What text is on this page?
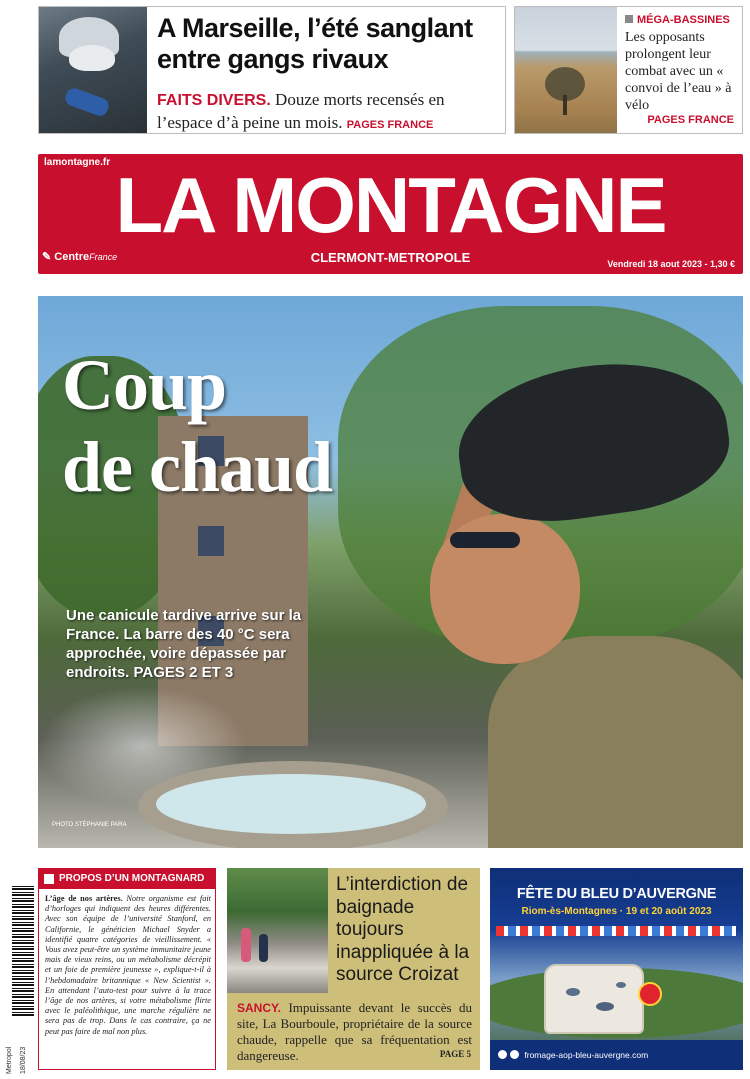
A Marseille, l’été sanglant entre gangs rivaux
FAITS DIVERS. Douze morts recensés en l’espace d’à peine un mois. PAGES FRANCE
MÉGA-BASSINES
Les opposants prolongent leur combat avec un « convoi de l’eau » à vélo
PAGES FRANCE
lamontagne.fr LA MONTAGNE
✎ CentreFrance	CLERMONT-METROPOLE	Vendredi 18 aout 2023 - 1,30 €
Coup
de chaud
Une canicule tardive arrive sur la France. La barre des 40 °C sera approchée, voire dépassée par endroits. PAGES 2 ET 3
PHOTO STÉPHANIE PARA
Metropol 18/08/23
PROPOS D’UN MONTAGNARD
L’âge de nos artères. Notre organisme est fait d’horloges qui indiquent des heures différentes. Avec son équipe de l’université Stanford, en Californie, le généticien Michael Snyder a identifié quatre catégories de vieillissement. « Vous avez peut-être un système immunitaire jeune mais de vieux reins, ou un métabolisme décrépit et un foie de première jeunesse », explique-t-il à l’hebdomadaire britannique « New Scientist ». En attendant l’auto-test pour suivre à la trace l’âge de nos artères, si votre métabolisme flirte avec le paléolithique, une marche régulière ne sera pas de trop. Dans le cas contraire, ça ne peut pas faire de mal non plus.
L’interdiction de baignade toujours inappliquée à la source Croizat
SANCY. Impuissante devant le succès du site, La Bourboule, propriétaire de la source chaude, rappelle que sa fréquentation est dangereuse.	PAGE 5
FÊTE DU BLEU D’AUVERGNE
Riom-ès-Montagnes · 19 et 20 août 2023
fromage-aop-bleu-auvergne.com
